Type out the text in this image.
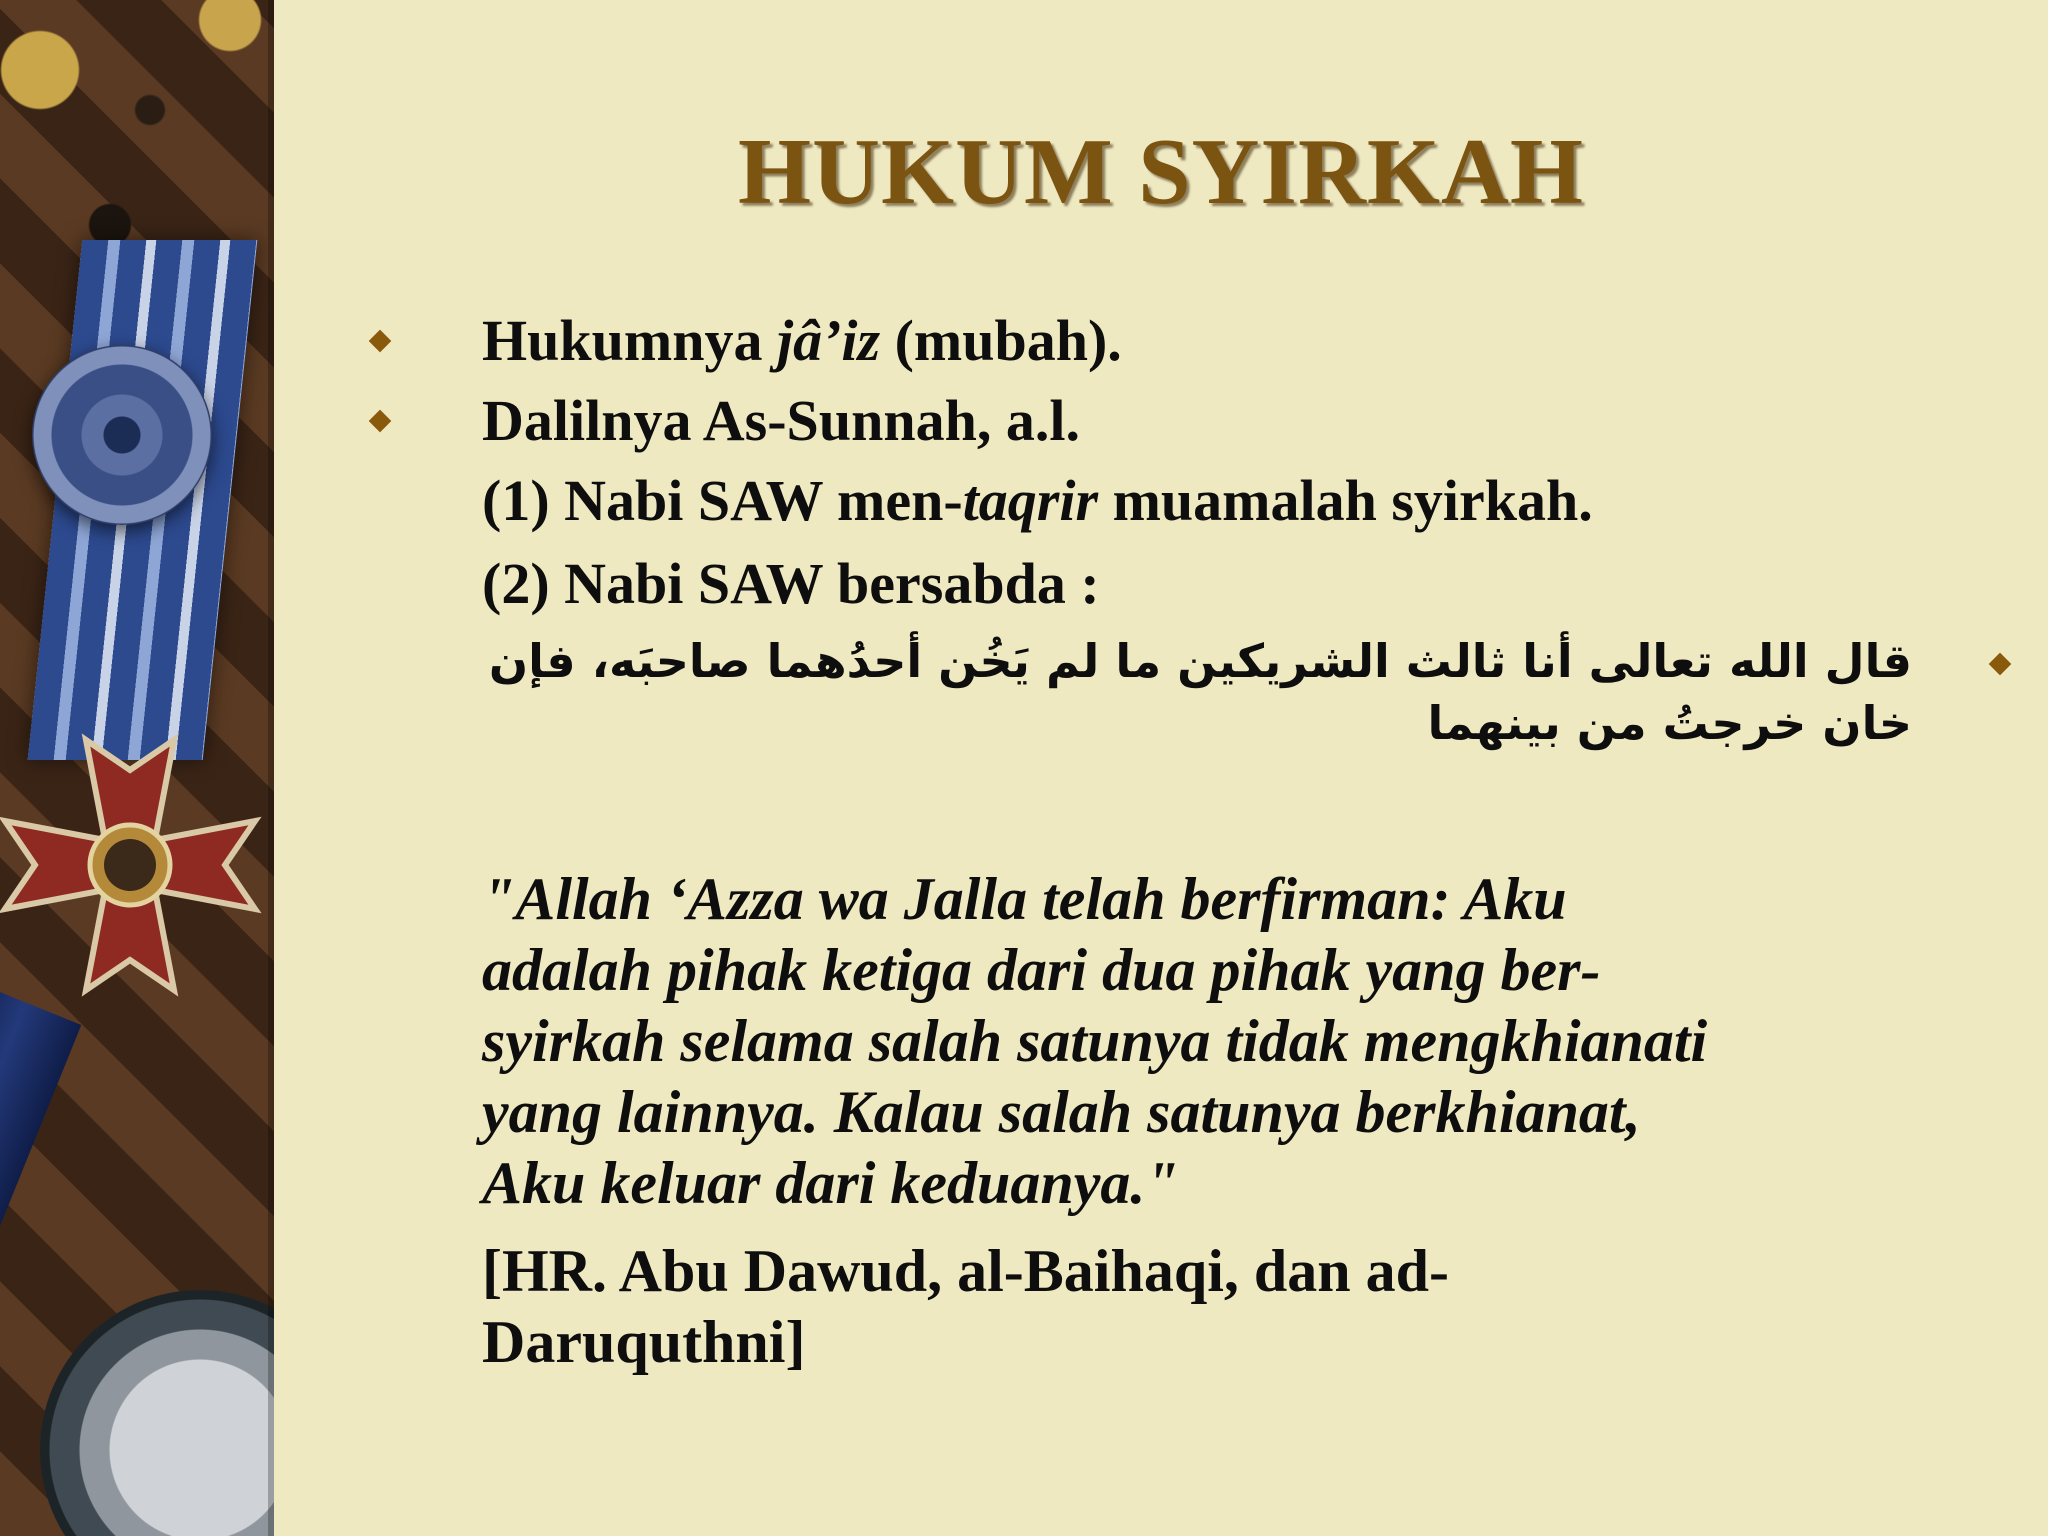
HUKUM SYIRKAH
Hukumnya jâ’iz (mubah).
Dalilnya As-Sunnah, a.l.
(1) Nabi SAW men-taqrir muamalah syirkah.
(2) Nabi SAW bersabda :
قال الله تعالى أنا ثالث الشريكين ما لم يَخُن أحدُهما صاحبَه، فإن خان خرجتُ من بينهما
"Allah ‘Azza wa Jalla telah berfirman: Aku
adalah pihak ketiga dari dua pihak yang ber-
syirkah selama salah satunya tidak mengkhianati
yang lainnya. Kalau salah satunya berkhianat,
Aku keluar dari keduanya."
[HR. Abu Dawud, al-Baihaqi, dan ad-
Daruquthni]
